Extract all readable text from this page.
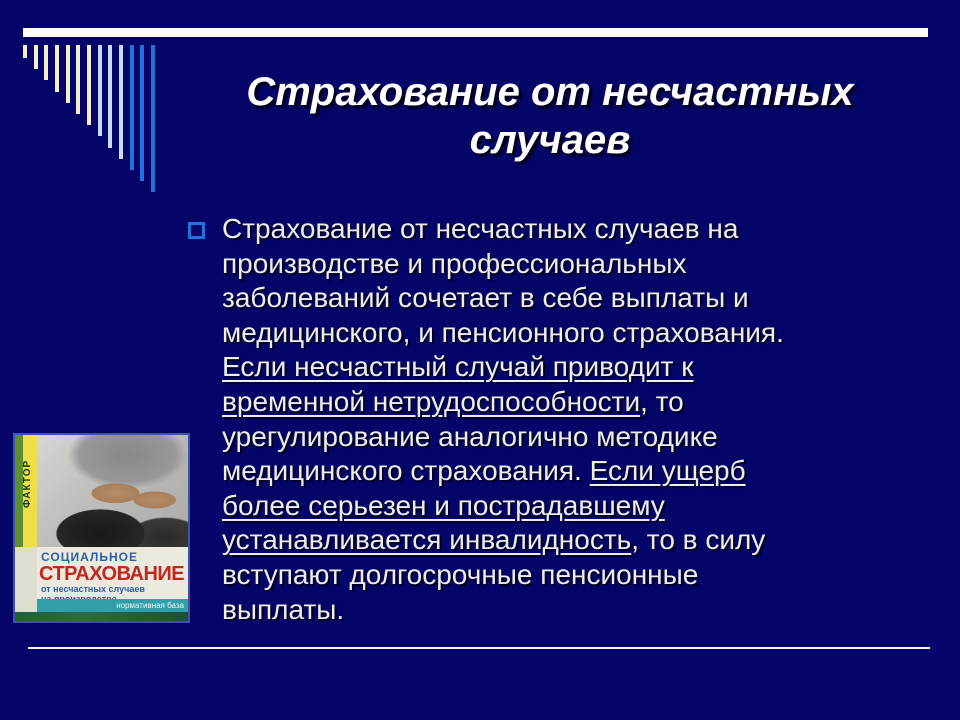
Страхование от несчастных
случаев
Страхование от несчастных случаев на
производстве и профессиональных
заболеваний сочетает в себе выплаты и
медицинского, и пенсионного страхования.
Если несчастный случай приводит к
временной нетрудоспособности, то
урегулирование аналогично методике
медицинского страхования. Если ущерб
более серьезен и пострадавшему
устанавливается инвалидность, то в силу
вступают долгосрочные пенсионные
выплаты.
ФАКТОР
СОЦИАЛЬНОЕ
СТРАХОВАНИЕ
от несчастных случаев
нормативная база
